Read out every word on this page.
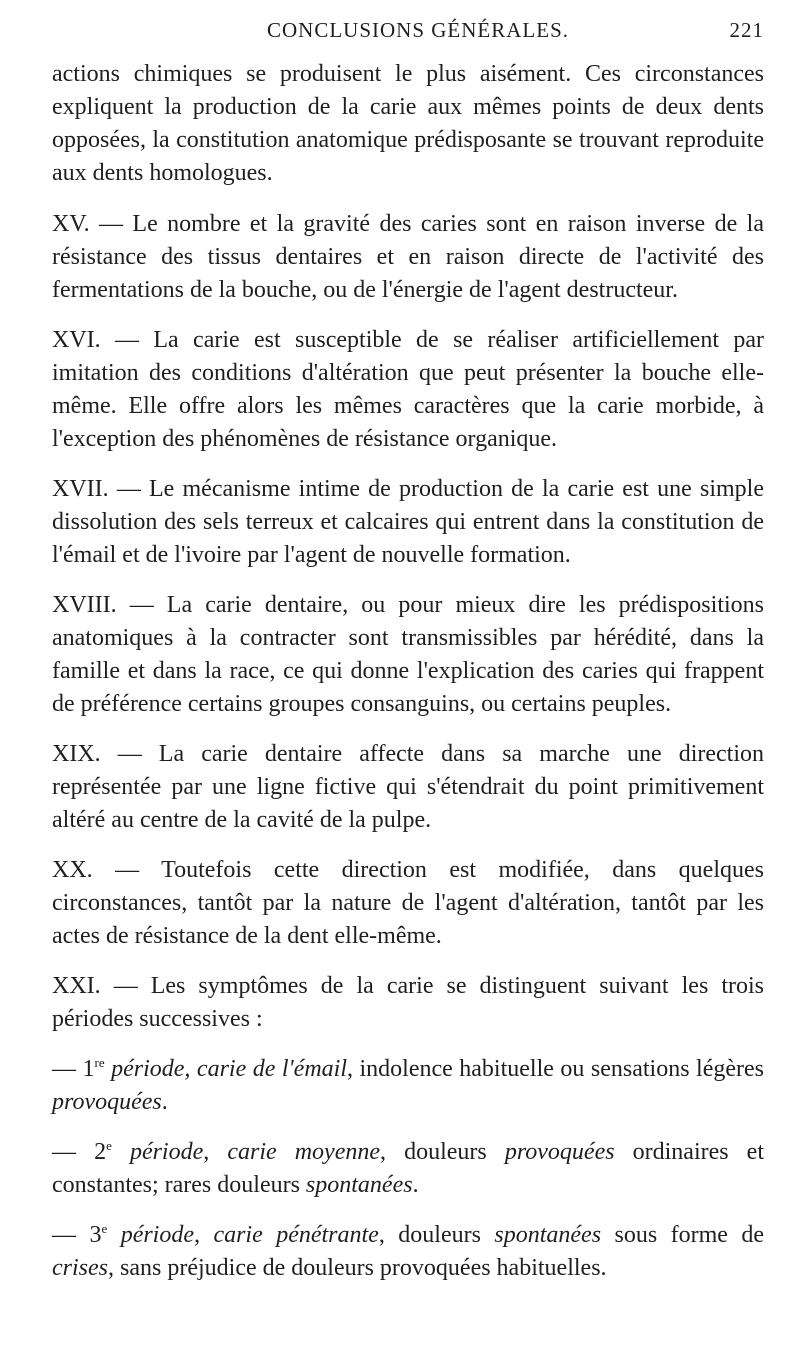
CONCLUSIONS GÉNÉRALES.	221

actions chimiques se produisent le plus aisément. Ces circonstances expliquent la production de la carie aux mêmes points de deux dents opposées, la constitution anatomique prédisposante se trouvant reproduite aux dents homologues.

XV. — Le nombre et la gravité des caries sont en raison inverse de la résistance des tissus dentaires et en raison directe de l'activité des fermentations de la bouche, ou de l'énergie de l'agent destructeur.

XVI. — La carie est susceptible de se réaliser artificiellement par imitation des conditions d'altération que peut présenter la bouche elle-même. Elle offre alors les mêmes caractères que la carie morbide, à l'exception des phénomènes de résistance organique.

XVII. — Le mécanisme intime de production de la carie est une simple dissolution des sels terreux et calcaires qui entrent dans la constitution de l'émail et de l'ivoire par l'agent de nouvelle formation.

XVIII. — La carie dentaire, ou pour mieux dire les prédispositions anatomiques à la contracter sont transmissibles par hérédité, dans la famille et dans la race, ce qui donne l'explication des caries qui frappent de préférence certains groupes consanguins, ou certains peuples.

XIX. — La carie dentaire affecte dans sa marche une direction représentée par une ligne fictive qui s'étendrait du point primitivement altéré au centre de la cavité de la pulpe.

XX. — Toutefois cette direction est modifiée, dans quelques circonstances, tantôt par la nature de l'agent d'altération, tantôt par les actes de résistance de la dent elle-même.

XXI. — Les symptômes de la carie se distinguent suivant les trois périodes successives :

— 1re période, carie de l'émail, indolence habituelle ou sensations légères provoquées.

— 2e période, carie moyenne, douleurs provoquées ordinaires et constantes; rares douleurs spontanées.

— 3e période, carie pénétrante, douleurs spontanées sous forme de crises, sans préjudice de douleurs provoquées habituelles.
